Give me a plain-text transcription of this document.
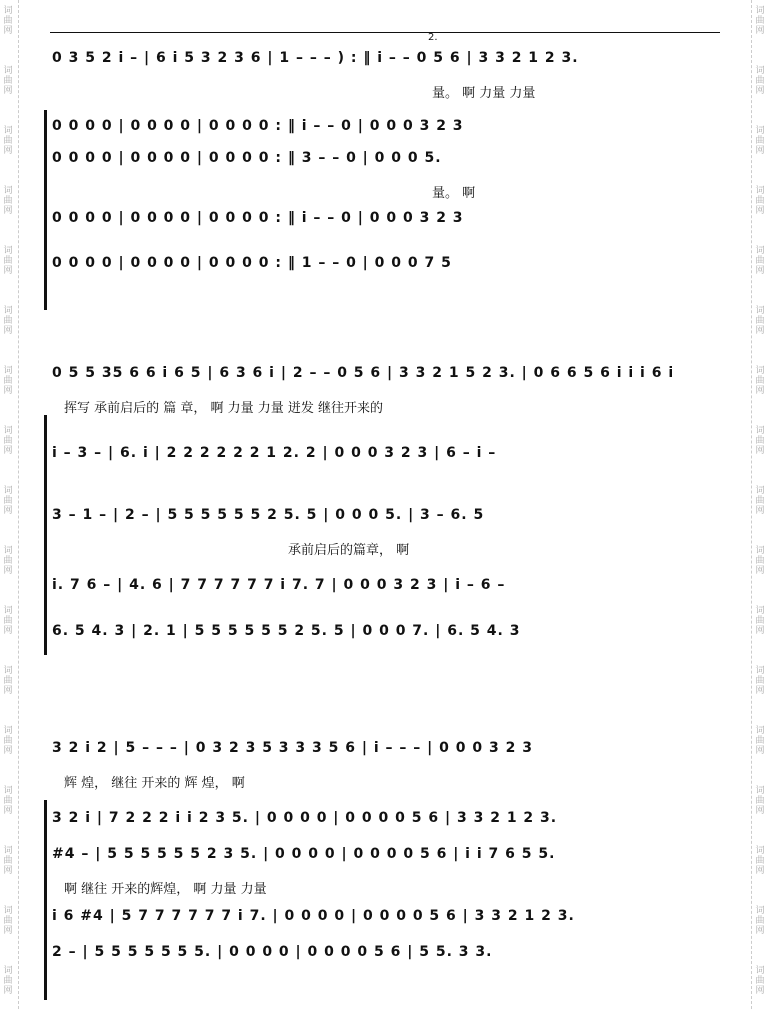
词
曲
网
词
曲
网
词
曲
网
词
曲
网
词
曲
网
词
曲
网
词
曲
网
词
曲
网
词
曲
网
词
曲
网
词
曲
网
词
曲
网
词
曲
网
词
曲
网
词
曲
网
词
曲
网
词
曲
网
词
曲
网
词
曲
网
词
曲
网
词
曲
网
词
曲
网
词
曲
网
词
曲
网
词
曲
网
词
曲
网
词
曲
网
词
曲
网
词
曲
网
词
曲
网
词
曲
网
词
曲
网
词
曲
网
词
曲
网
2.
0 3 5 2 i – | 6 i 5 3 2 3 6 | 1 – – – ) : ‖ i – – 0 5 6 | 3 3 2 1 2 3.
量。 啊 力量 力量
0 0 0 0 | 0 0 0 0 | 0 0 0 0 : ‖ i – – 0 | 0 0 0 3 2 3
0 0 0 0 | 0 0 0 0 | 0 0 0 0 : ‖ 3 – – 0 | 0 0 0 5.
量。 啊
0 0 0 0 | 0 0 0 0 | 0 0 0 0 : ‖ i – – 0 | 0 0 0 3 2 3
0 0 0 0 | 0 0 0 0 | 0 0 0 0 : ‖ 1 – – 0 | 0 0 0 7 5
0 5 5 35 6 6 i 6 5 | 6 3 6 i | 2 – – 0 5 6 | 3 3 2 1 5 2 3. | 0 6 6 5 6 i i i 6 i
挥写 承前启后的 篇 章， 啊 力量 力量 迸发 继往开来的
i – 3 – | 6. i | 2 2 2 2 2 2 1 2. 2 | 0 0 0 3 2 3 | 6 – i –
3 – 1 – | 2 – | 5 5 5 5 5 5 2 5. 5 | 0 0 0 5. | 3 – 6. 5
承前启后的篇章， 啊
i. 7 6 – | 4. 6 | 7 7 7 7 7 7 i 7. 7 | 0 0 0 3 2 3 | i – 6 –
6. 5 4. 3 | 2. 1 | 5 5 5 5 5 5 2 5. 5 | 0 0 0 7. | 6. 5 4. 3
3 2 i 2 | 5 – – – | 0 3 2 3 5 3 3 3 5 6 | i – – – | 0 0 0 3 2 3
辉 煌， 继往 开来的 辉 煌， 啊
3 2 i | 7 2 2 2 i i 2 3 5. | 0 0 0 0 | 0 0 0 0 5 6 | 3 3 2 1 2 3.
#4 – | 5 5 5 5 5 5 2 3 5. | 0 0 0 0 | 0 0 0 0 5 6 | i i 7 6 5 5.
啊 继往 开来的辉煌， 啊 力量 力量
i 6 #4 | 5 7 7 7 7 7 7 i 7. | 0 0 0 0 | 0 0 0 0 5 6 | 3 3 2 1 2 3.
2 – | 5 5 5 5 5 5 5. | 0 0 0 0 | 0 0 0 0 5 6 | 5 5. 3 3.
